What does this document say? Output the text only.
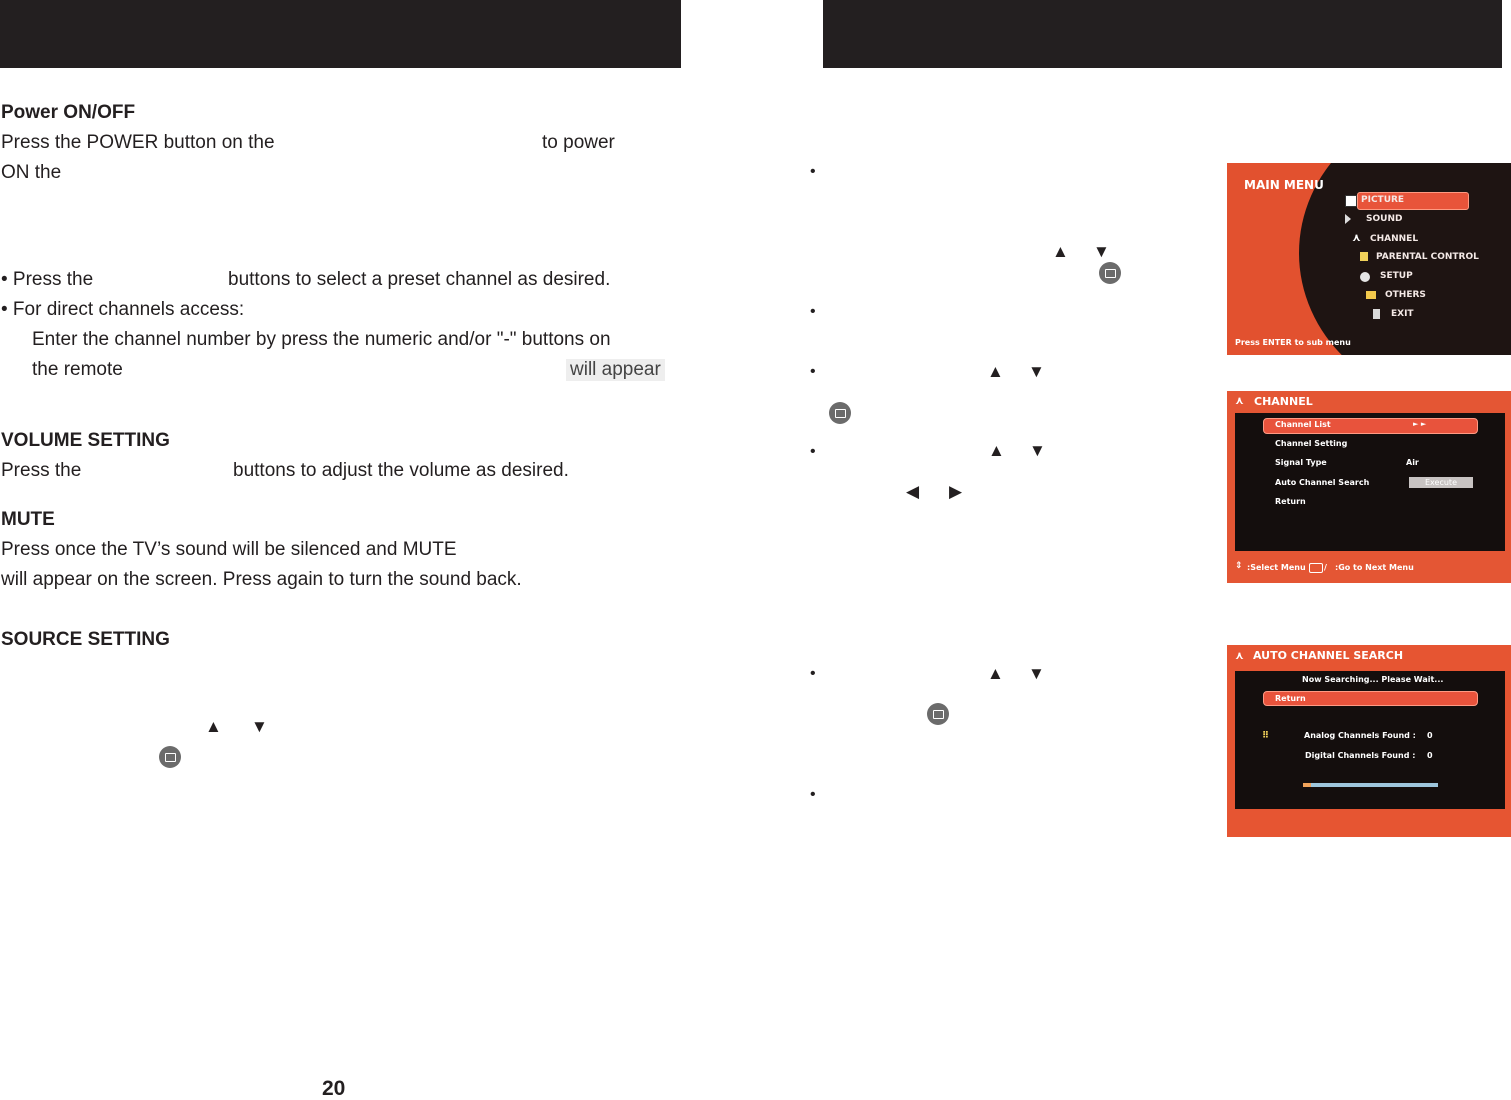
Power ON/OFF
Press the POWER button on the	to power
ON the
• Press the	buttons to select a preset channel as desired.
• For direct channels access:
Enter the channel number by press the numeric and/or "-" buttons on
the remote	will appear
VOLUME SETTING
Press the	buttons to adjust the volume as desired.
MUTE
Press once the TV’s sound will be silenced and MUTE
will appear on the screen. Press again to turn the sound back.
SOURCE SETTING
▲ ▼
20
•
▲ ▼
•
•	▲ ▼
•	▲ ▼
◀ ▶
•	▲ ▼
•
MAIN MENU
PICTURE
SOUND
⋏ CHANNEL
PARENTAL CONTROL
SETUP
OTHERS
EXIT
Press ENTER to sub menu
⋏ CHANNEL
Channel List	► ►
Channel Setting
Signal Type	Air
Auto Channel Search	Execute
Return
⇕ :Select Menu / :Go to Next Menu
⋏ AUTO CHANNEL SEARCH
Now Searching... Please Wait...
Return
⠿	Analog Channels Found : 0
Digital Channels Found : 0
